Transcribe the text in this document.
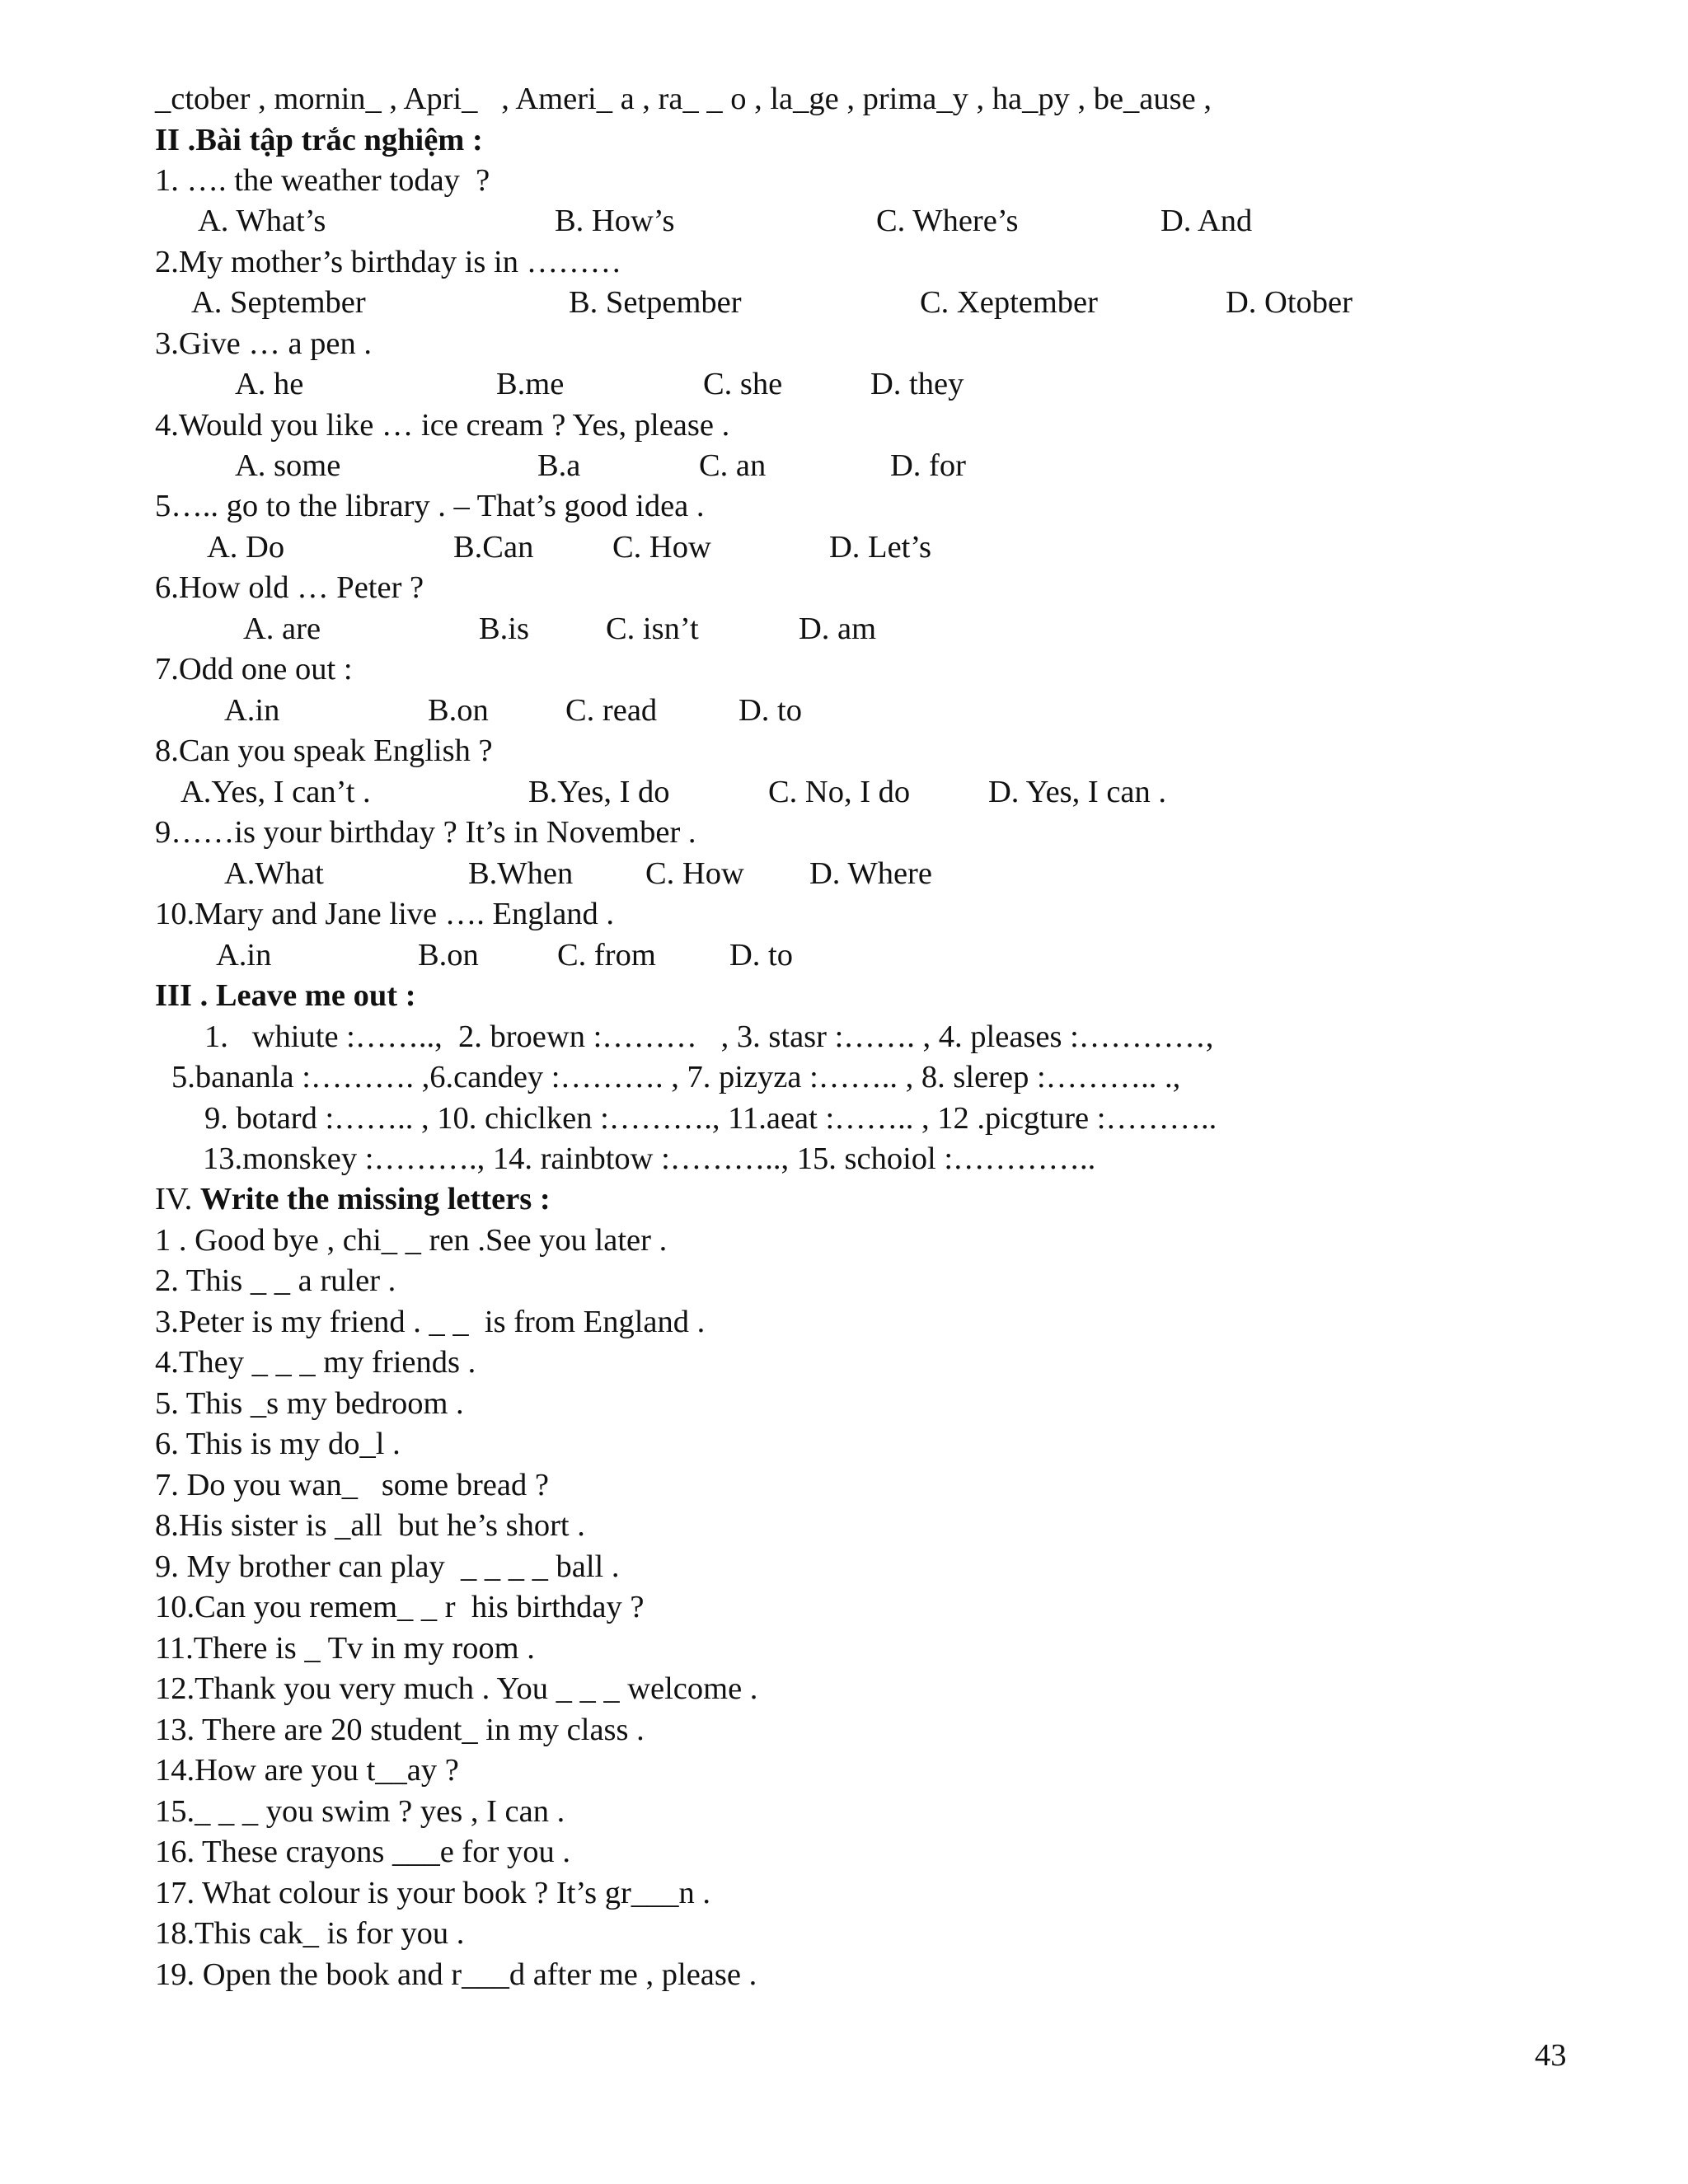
_ctober , mornin_ , Apri_   , Ameri_ a , ra_ _ o , la_ge , prima_y , ha_py , be_ause ,
II .Bài tập trắc nghiệm :
1. …. the weather today  ?
A. What’s	B. How’s	C. Where’s	D. And
2.My mother’s birthday is in ………
A. September	B. Setpember	C. Xeptember	D. Otober
3.Give … a pen .
A. he	B.me	C. she	D. they
4.Would you like … ice cream ? Yes, please .
A. some	B.a	C. an	D. for
5….. go to the library . – That’s good idea .
A. Do	B.Can C. How	D. Let’s
6.How old … Peter ?
A. are	B.is C. isn’t	D. am
7.Odd one out :
A.in	B.on C. read	D. to
8.Can you speak English ?
A.Yes, I can’t .	B.Yes, I do	C. No, I do D. Yes, I can .
9……is your birthday ? It’s in November .
A.What	B.When C. How D. Where
10.Mary and Jane live …. England .
A.in	B.on C. from D. to
III . Leave me out :
1.   whiute :……..,  2. broewn :………   , 3. stasr :……. , 4. pleases :…………,
5.bananla :………. ,6.candey :………. , 7. pizyza :…….. , 8. slerep :……….. .,
9. botard :…….. , 10. chiclken :………., 11.aeat :…….. , 12 .picgture :………..
13.monskey :………., 14. rainbtow :……….., 15. schoiol :…………..
IV. Write the missing letters :
1 . Good bye , chi_ _ ren .See you later .
2. This _ _ a ruler .
3.Peter is my friend . _ _  is from England .
4.They _ _ _ my friends .
5. This _s my bedroom .
6. This is my do_l .
7. Do you wan_   some bread ?
8.His sister is _all  but he’s short .
9. My brother can play  _ _ _ _ ball .
10.Can you remem_ _ r  his birthday ?
11.There is _ Tv in my room .
12.Thank you very much . You _ _ _ welcome .
13. There are 20 student_ in my class .
14.How are you t__ay ?
15._ _ _ you swim ? yes , I can .
16. These crayons ___e for you .
17. What colour is your book ? It’s gr___n .
18.This cak_ is for you .
19. Open the book and r___d after me , please .
43
